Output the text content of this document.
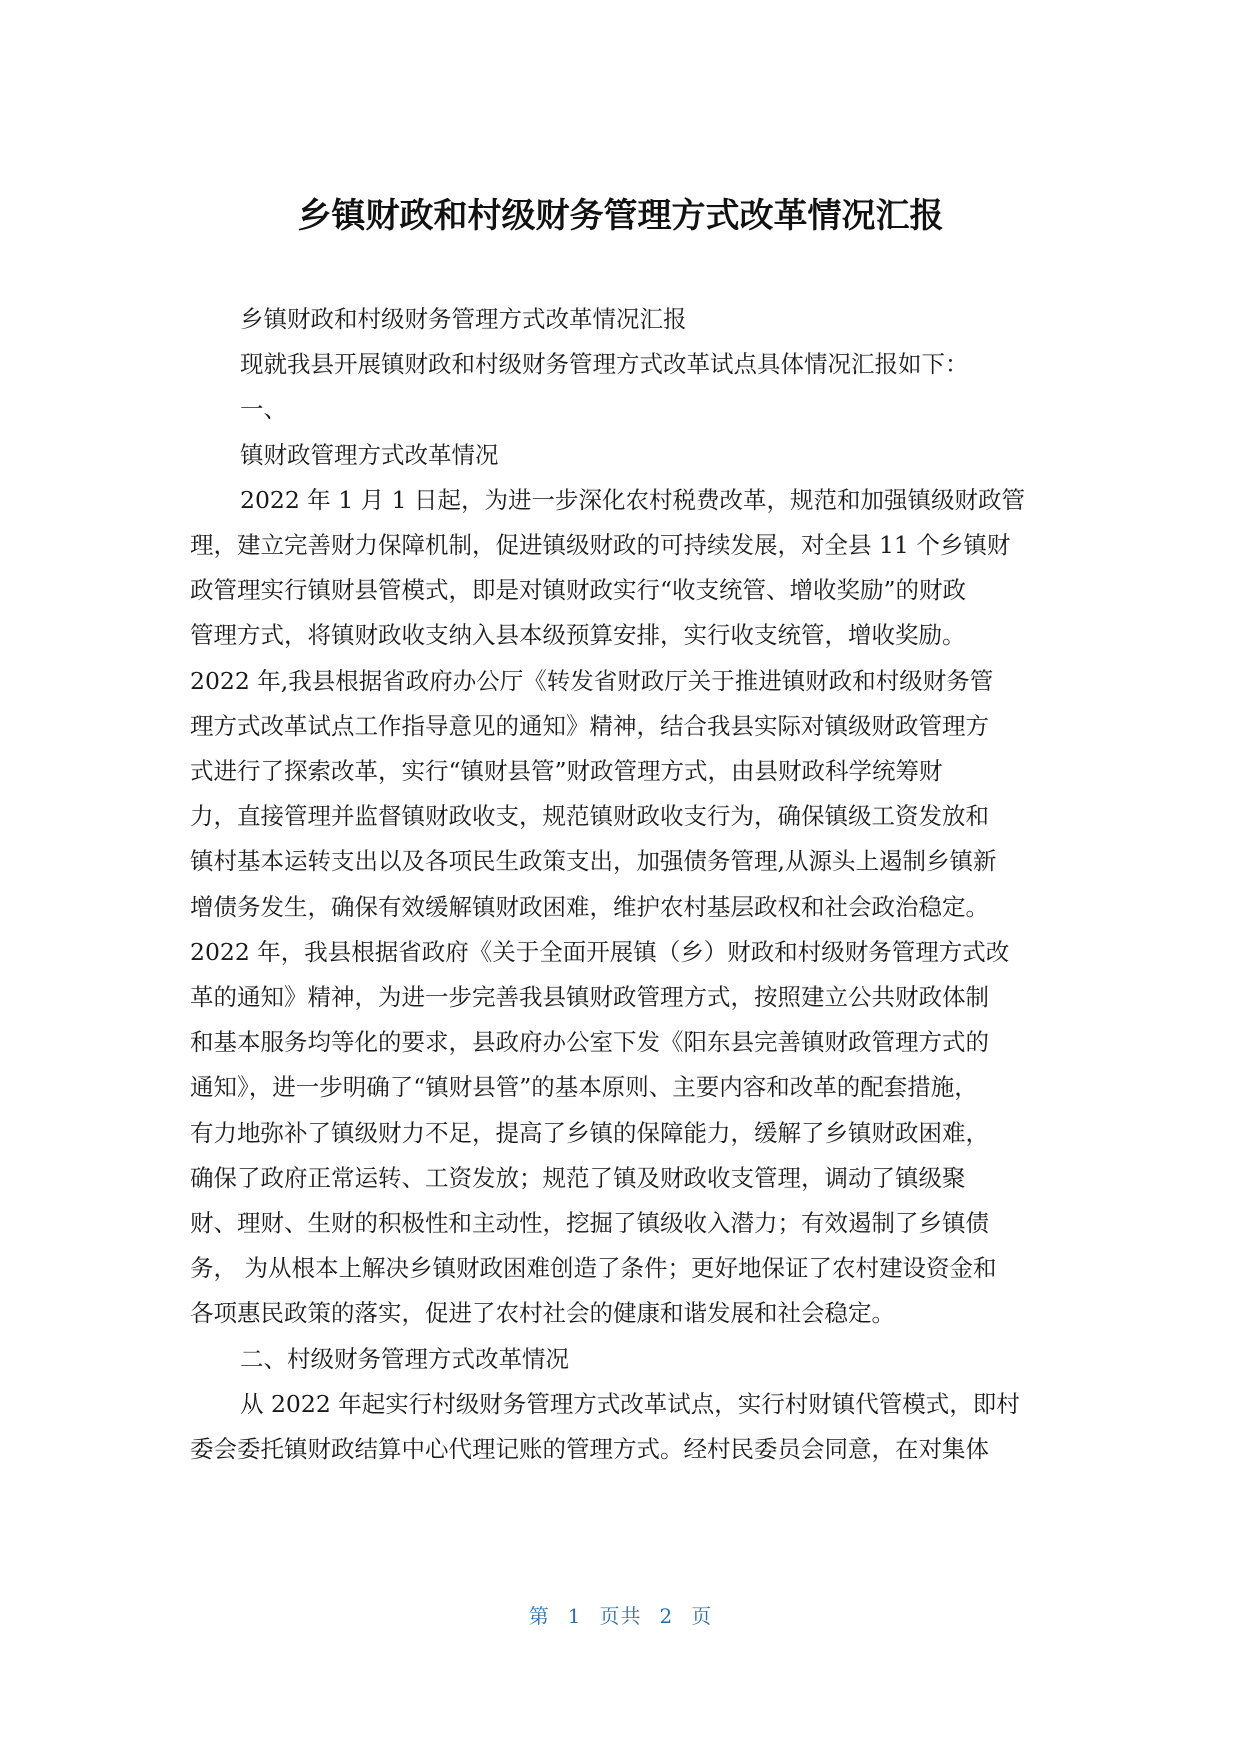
乡镇财政和村级财务管理方式改革情况汇报

乡镇财政和村级财务管理方式改革情况汇报

现就我县开展镇财政和村级财务管理方式改革试点具体情况汇报如下：

一、

镇财政管理方式改革情况

2022 年 1 月 1 日起，为进一步深化农村税费改革，规范和加强镇级财政管
理，建立完善财力保障机制，促进镇级财政的可持续发展，对全县 11 个乡镇财
政管理实行镇财县管模式，即是对镇财政实行“收支统管、增收奖励”的财政
管理方式，将镇财政收支纳入县本级预算安排，实行收支统管，增收奖励。

2022 年,我县根据省政府办公厅《转发省财政厅关于推进镇财政和村级财务管
理方式改革试点工作指导意见的通知》精神，结合我县实际对镇级财政管理方
式进行了探索改革，实行“镇财县管”财政管理方式，由县财政科学统筹财
力，直接管理并监督镇财政收支，规范镇财政收支行为，确保镇级工资发放和
镇村基本运转支出以及各项民生政策支出，加强债务管理,从源头上遏制乡镇新
增债务发生，确保有效缓解镇财政困难，维护农村基层政权和社会政治稳定。

2022 年，我县根据省政府《关于全面开展镇（乡）财政和村级财务管理方式改
革的通知》精神，为进一步完善我县镇财政管理方式，按照建立公共财政体制
和基本服务均等化的要求，县政府办公室下发《阳东县完善镇财政管理方式的
通知》，进一步明确了“镇财县管”的基本原则、主要内容和改革的配套措施，
有力地弥补了镇级财力不足，提高了乡镇的保障能力，缓解了乡镇财政困难，
确保了政府正常运转、工资发放；规范了镇及财政收支管理，调动了镇级聚
财、理财、生财的积极性和主动性，挖掘了镇级收入潜力；有效遏制了乡镇债
务， 为从根本上解决乡镇财政困难创造了条件；更好地保证了农村建设资金和
各项惠民政策的落实，促进了农村社会的健康和谐发展和社会稳定。

二、村级财务管理方式改革情况

从 2022 年起实行村级财务管理方式改革试点，实行村财镇代管模式，即村
委会委托镇财政结算中心代理记账的管理方式。经村民委员会同意，在对集体

第 1 页共 2 页
